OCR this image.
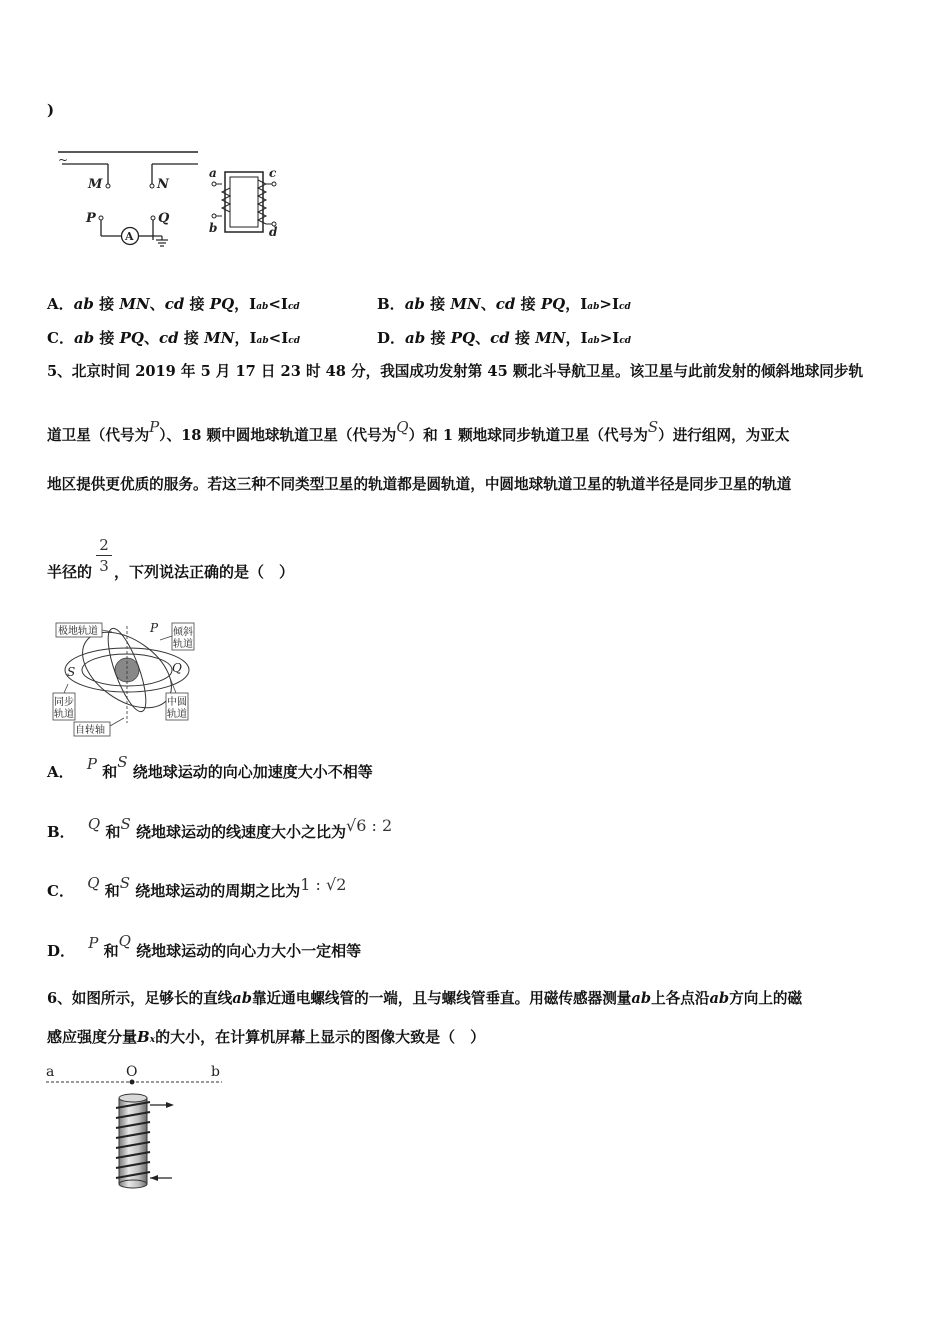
)
~
M	N
P
A
Q
a
b
c
d
A．ab 接 MN、cd 接 PQ，Iab<Icd	B．ab 接 MN、cd 接 PQ，Iab>Icd
C．ab 接 PQ、cd 接 MN，Iab<Icd	D．ab 接 PQ、cd 接 MN，Iab>Icd
5、北京时间 2019 年 5 月 17 日 23 时 48 分，我国成功发射第 45 颗北斗导航卫星。该卫星与此前发射的倾斜地球同步轨
道卫星（代号为P）、18 颗中圆地球轨道卫星（代号为Q）和 1 颗地球同步轨道卫星（代号为S）进行组网，为亚太
地区提供更优质的服务。若这三种不同类型卫星的轨道都是圆轨道，中圆地球轨道卫星的轨道半径是同步卫星的轨道
半径的
2
3 ，下列说法正确的是（　）
极地轨道	P 倾斜
轨道
S	Q
同步
轨道
中圆
轨道
自转轴
A． P 和S 绕地球运动的向心加速度大小不相等
B． Q 和S 绕地球运动的线速度大小之比为√6 : 2
C． Q 和S 绕地球运动的周期之比为1 : √2
D． P 和Q 绕地球运动的向心力大小一定相等
6、如图所示，足够长的直线ab靠近通电螺线管的一端，且与螺线管垂直。用磁传感器测量ab上各点沿ab方向上的磁
感应强度分量Bx的大小，在计算机屏幕上显示的图像大致是（　）
a	O	b
